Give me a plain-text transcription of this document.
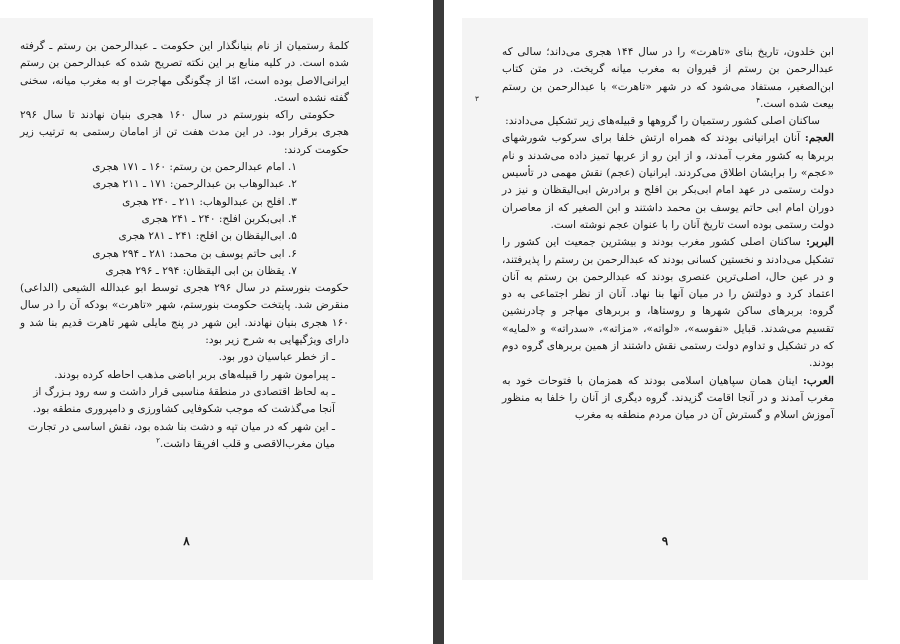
کلمهٔ رستمیان از نام بنیانگذار این حکومت ـ عبدالرحمن بن رستم ـ گرفته شده است. در کلیه منابع بر این نکته تصریح شده که عبدالرحمن بن رستم ایرانی‌الاصل بوده است، امّا از چگونگی مهاجرت او به مغرب میانه، سخنی گفته نشده است.

حکومتی راکه بنورستم در سال ۱۶۰ هجری بنیان نهادند تا سال ۲۹۶ هجری برقرار بود. در این مدت هفت تن از امامان رستمی به ترتیب زیر حکومت کردند:

۱. امام عبدالرحمن بن رستم: ۱۶۰ ـ ۱۷۱ هجری
۲. عبدالوهاب بن عبدالرحمن: ۱۷۱ ـ ۲۱۱ هجری
۳. افلح بن عبدالوهاب: ۲۱۱ ـ ۲۴۰ هجری
۴. ابی‌بکربن افلح: ۲۴۰ ـ ۲۴۱ هجری
۵. ابی‌الیقظان بن افلح: ۲۴۱ ـ ۲۸۱ هجری
۶. ابی حاتم یوسف بن محمد: ۲۸۱ ـ ۲۹۴ هجری
۷. یقظان بن ابی الیقظان: ۲۹۴ ـ ۲۹۶ هجری

حکومت بنورستم در سال ۲۹۶ هجری توسط ابو عبدالله الشیعی (الداعی) منقرض شد. پایتخت حکومت بنورستم، شهر «تاهرت» بودکه آن را در سال ۱۶۰ هجری بنیان نهادند. این شهر در پنج مایلی شهر تاهرت قدیم بنا شد و دارای ویژگیهایی به شرح زیر بود:

ـ از خطر عباسیان دور بود.
ـ پیرامون شهر را قبیله‌های بربر اباضی مذهب احاطه کرده بودند.
ـ به لحاظ اقتصادی در منطقهٔ مناسبی قرار داشت و سه رود بـزرگ از آنجا می‌گذشت که موجب شکوفایی کشاورزی و دامپروری منطقه بود.
ـ این شهر که در میان تپه و دشت بنا شده بود، نقش اساسی در تجارت میان مغرب‌الاقصی و قلب افریقا داشت.$^۲$
۸

ابن خلدون، تاریخ بنای «تاهرت» را در سال ۱۴۴ هجری می‌داند؛ سالی که عبدالرحمن بن رستم از قیروان به مغرب میانه گریخت. در متن کتاب ابن‌الصغیر، مستفاد می‌شود که در شهر «تاهرت» با عبدالرحمن بن رستم بیعت شده است.$^۴$

ساکنان اصلی کشور رستمیان را گروهها و قبیله‌های زیر تشکیل می‌دادند:

العجم: آنان ایرانیانی بودند که همراه ارتش خلفا برای سرکوب شورشهای بربرها به کشور مغرب آمدند، و از این رو از عربها تمیز داده می‌شدند و نام «عجم» را برایشان اطلاق می‌کردند. ایرانیان (عجم) نقش مهمی در تأسیس دولت رستمی در عهد امام ابی‌بکر بن افلح و برادرش ابی‌الیقظان و نیز در دوران امام ابی حاتم یوسف بن محمد داشتند و ابن الصغیر که از معاصران دولت رستمی بوده است تاریخ آنان را با عنوان عجم نوشته است.

البربر: ساکنان اصلی کشور مغرب بودند و بیشترین جمعیت این کشور را تشکیل می‌دادند و نخستین کسانی بودند که عبدالرحمن بن رستم را پذیرفتند، و در عین حال، اصلی‌ترین عنصری بودند که عبدالرحمن بن رستم به آنان اعتماد کرد و دولتش را در میان آنها بنا نهاد. آنان از نظر اجتماعی به دو گروه: بربرهای ساکن شهرها و روستاها، و بربرهای مهاجر و چادرنشین تقسیم می‌شدند. قبایل «نفوسه»، «لواته»، «مزاته»، «سدراته» و «لمایه» که در تشکیل و تداوم دولت رستمی نقش داشتند از همین بربرهای گروه دوم بودند.

العرب: اینان همان سپاهیان اسلامی بودند که همزمان با فتوحات خود به مغرب آمدند و در آنجا اقامت گزیدند. گروه دیگری از آنان را خلفا به منظور آموزش اسلام و گسترش آن در میان مردم منطقه به مغرب

۹
۳
